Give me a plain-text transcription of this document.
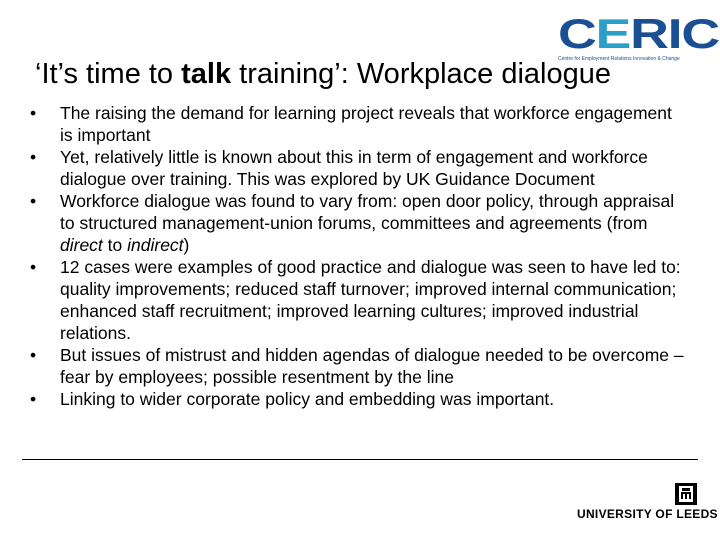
CERIC
Centre for Employment Relations Innovation & Change
‘It’s time to talk training’: Workplace dialogue
• The raising the demand for learning project reveals that workforce engagement is important
• Yet, relatively little is known about this in term of engagement and workforce dialogue over training. This was explored by UK Guidance Document
• Workforce dialogue was found to vary from: open door policy, through appraisal to structured management-union forums, committees and agreements (from direct to indirect)
• 12 cases were examples of good practice and dialogue was seen to have led to: quality improvements; reduced staff turnover; improved internal communication; enhanced staff recruitment; improved learning cultures; improved industrial relations.
• But issues of mistrust and hidden agendas of dialogue needed to be overcome – fear by employees; possible resentment by the line
• Linking to wider corporate policy and embedding was important.
UNIVERSITY OF LEEDS
